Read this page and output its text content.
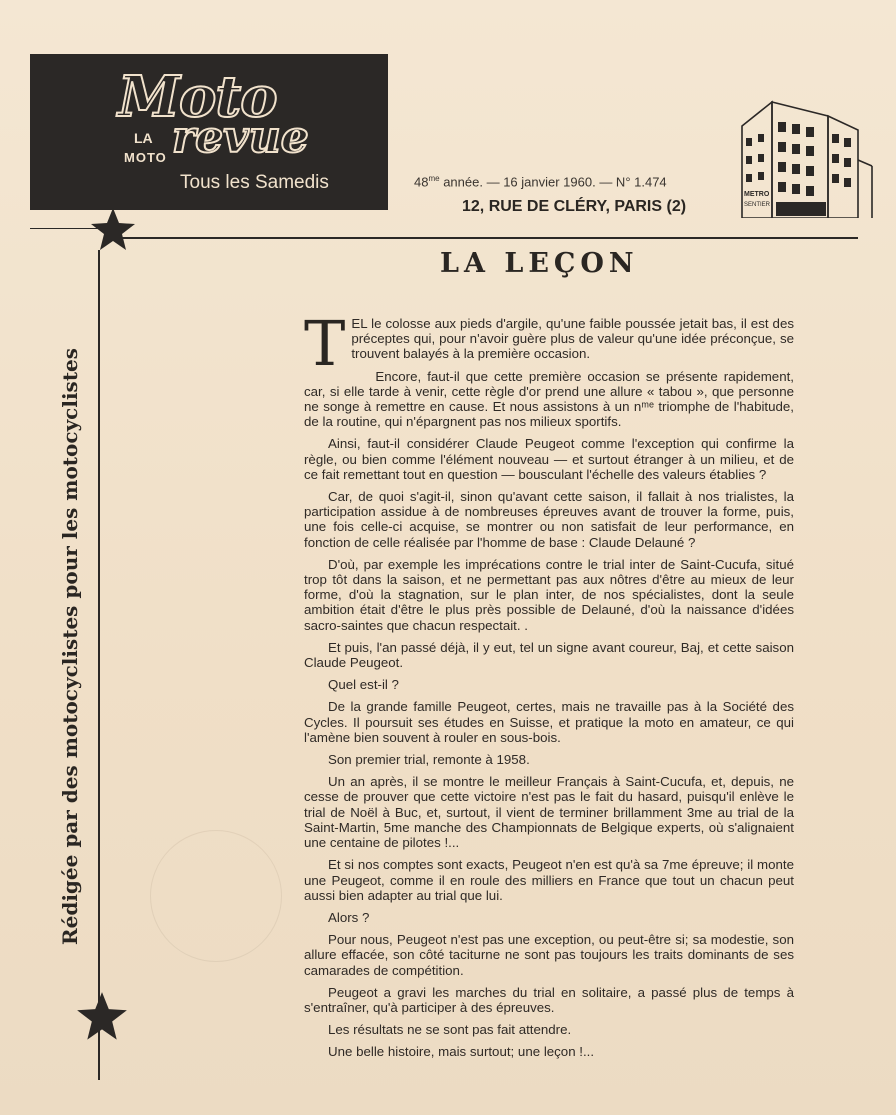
Moto
LA
MOTO revue
Tous les Samedis	$48^{me}$ année. — 16 janvier 1960. — N° 1.474
12, RUE DE CLÉRY, PARIS (2)
METRO
SENTIER
Rédigée par des motocyclistes pour les motocyclistes
LA LEÇON

TEL le colosse aux pieds d'argile, qu'une faible poussée jetait bas, il est des préceptes qui, pour n'avoir guère plus de valeur qu'une idée préconçue, se trouvent balayés à la première occasion.

Encore, faut-il que cette première occasion se présente rapidement, car, si elle tarde à venir, cette règle d'or prend une allure « tabou », que personne ne songe à remettre en cause. Et nous assistons à un nᵐᵉ triomphe de l'habitude, de la routine, qui n'épargnent pas nos milieux sportifs.

Ainsi, faut-il considérer Claude Peugeot comme l'exception qui confirme la règle, ou bien comme l'élément nouveau — et surtout étranger à un milieu, et de ce fait remettant tout en question — bousculant l'échelle des valeurs établies ?

Car, de quoi s'agit-il, sinon qu'avant cette saison, il fallait à nos trialistes, la participation assidue à de nombreuses épreuves avant de trouver la forme, puis, une fois celle-ci acquise, se montrer ou non satisfait de leur performance, en fonction de celle réalisée par l'homme de base : Claude Delauné ?

D'où, par exemple les imprécations contre le trial inter de Saint-Cucufa, situé trop tôt dans la saison, et ne permettant pas aux nôtres d'être au mieux de leur forme, d'où la stagnation, sur le plan inter, de nos spécialistes, dont la seule ambition était d'être le plus près possible de Delauné, d'où la naissance d'idées sacro-saintes que chacun respectait. .

Et puis, l'an passé déjà, il y eut, tel un signe avant coureur, Baj, et cette saison Claude Peugeot.

Quel est-il ?

De la grande famille Peugeot, certes, mais ne travaille pas à la Société des Cycles. Il poursuit ses études en Suisse, et pratique la moto en amateur, ce qui l'amène bien souvent à rouler en sous-bois.

Son premier trial, remonte à 1958.

Un an après, il se montre le meilleur Français à Saint-Cucufa, et, depuis, ne cesse de prouver que cette victoire n'est pas le fait du hasard, puisqu'il enlève le trial de Noël à Buc, et, surtout, il vient de terminer brillamment 3me au trial de la Saint-Martin, 5me manche des Championnats de Belgique experts, où s'alignaient une centaine de pilotes !...

Et si nos comptes sont exacts, Peugeot n'en est qu'à sa 7me épreuve; il monte une Peugeot, comme il en roule des milliers en France que tout un chacun peut aussi bien adapter au trial que lui.

Alors ?

Pour nous, Peugeot n'est pas une exception, ou peut-être si; sa modestie, son allure effacée, son côté taciturne ne sont pas toujours les traits dominants de ses camarades de compétition.

Peugeot a gravi les marches du trial en solitaire, a passé plus de temps à s'entraîner, qu'à participer à des épreuves.

Les résultats ne se sont pas fait attendre.

Une belle histoire, mais surtout; une leçon !...
